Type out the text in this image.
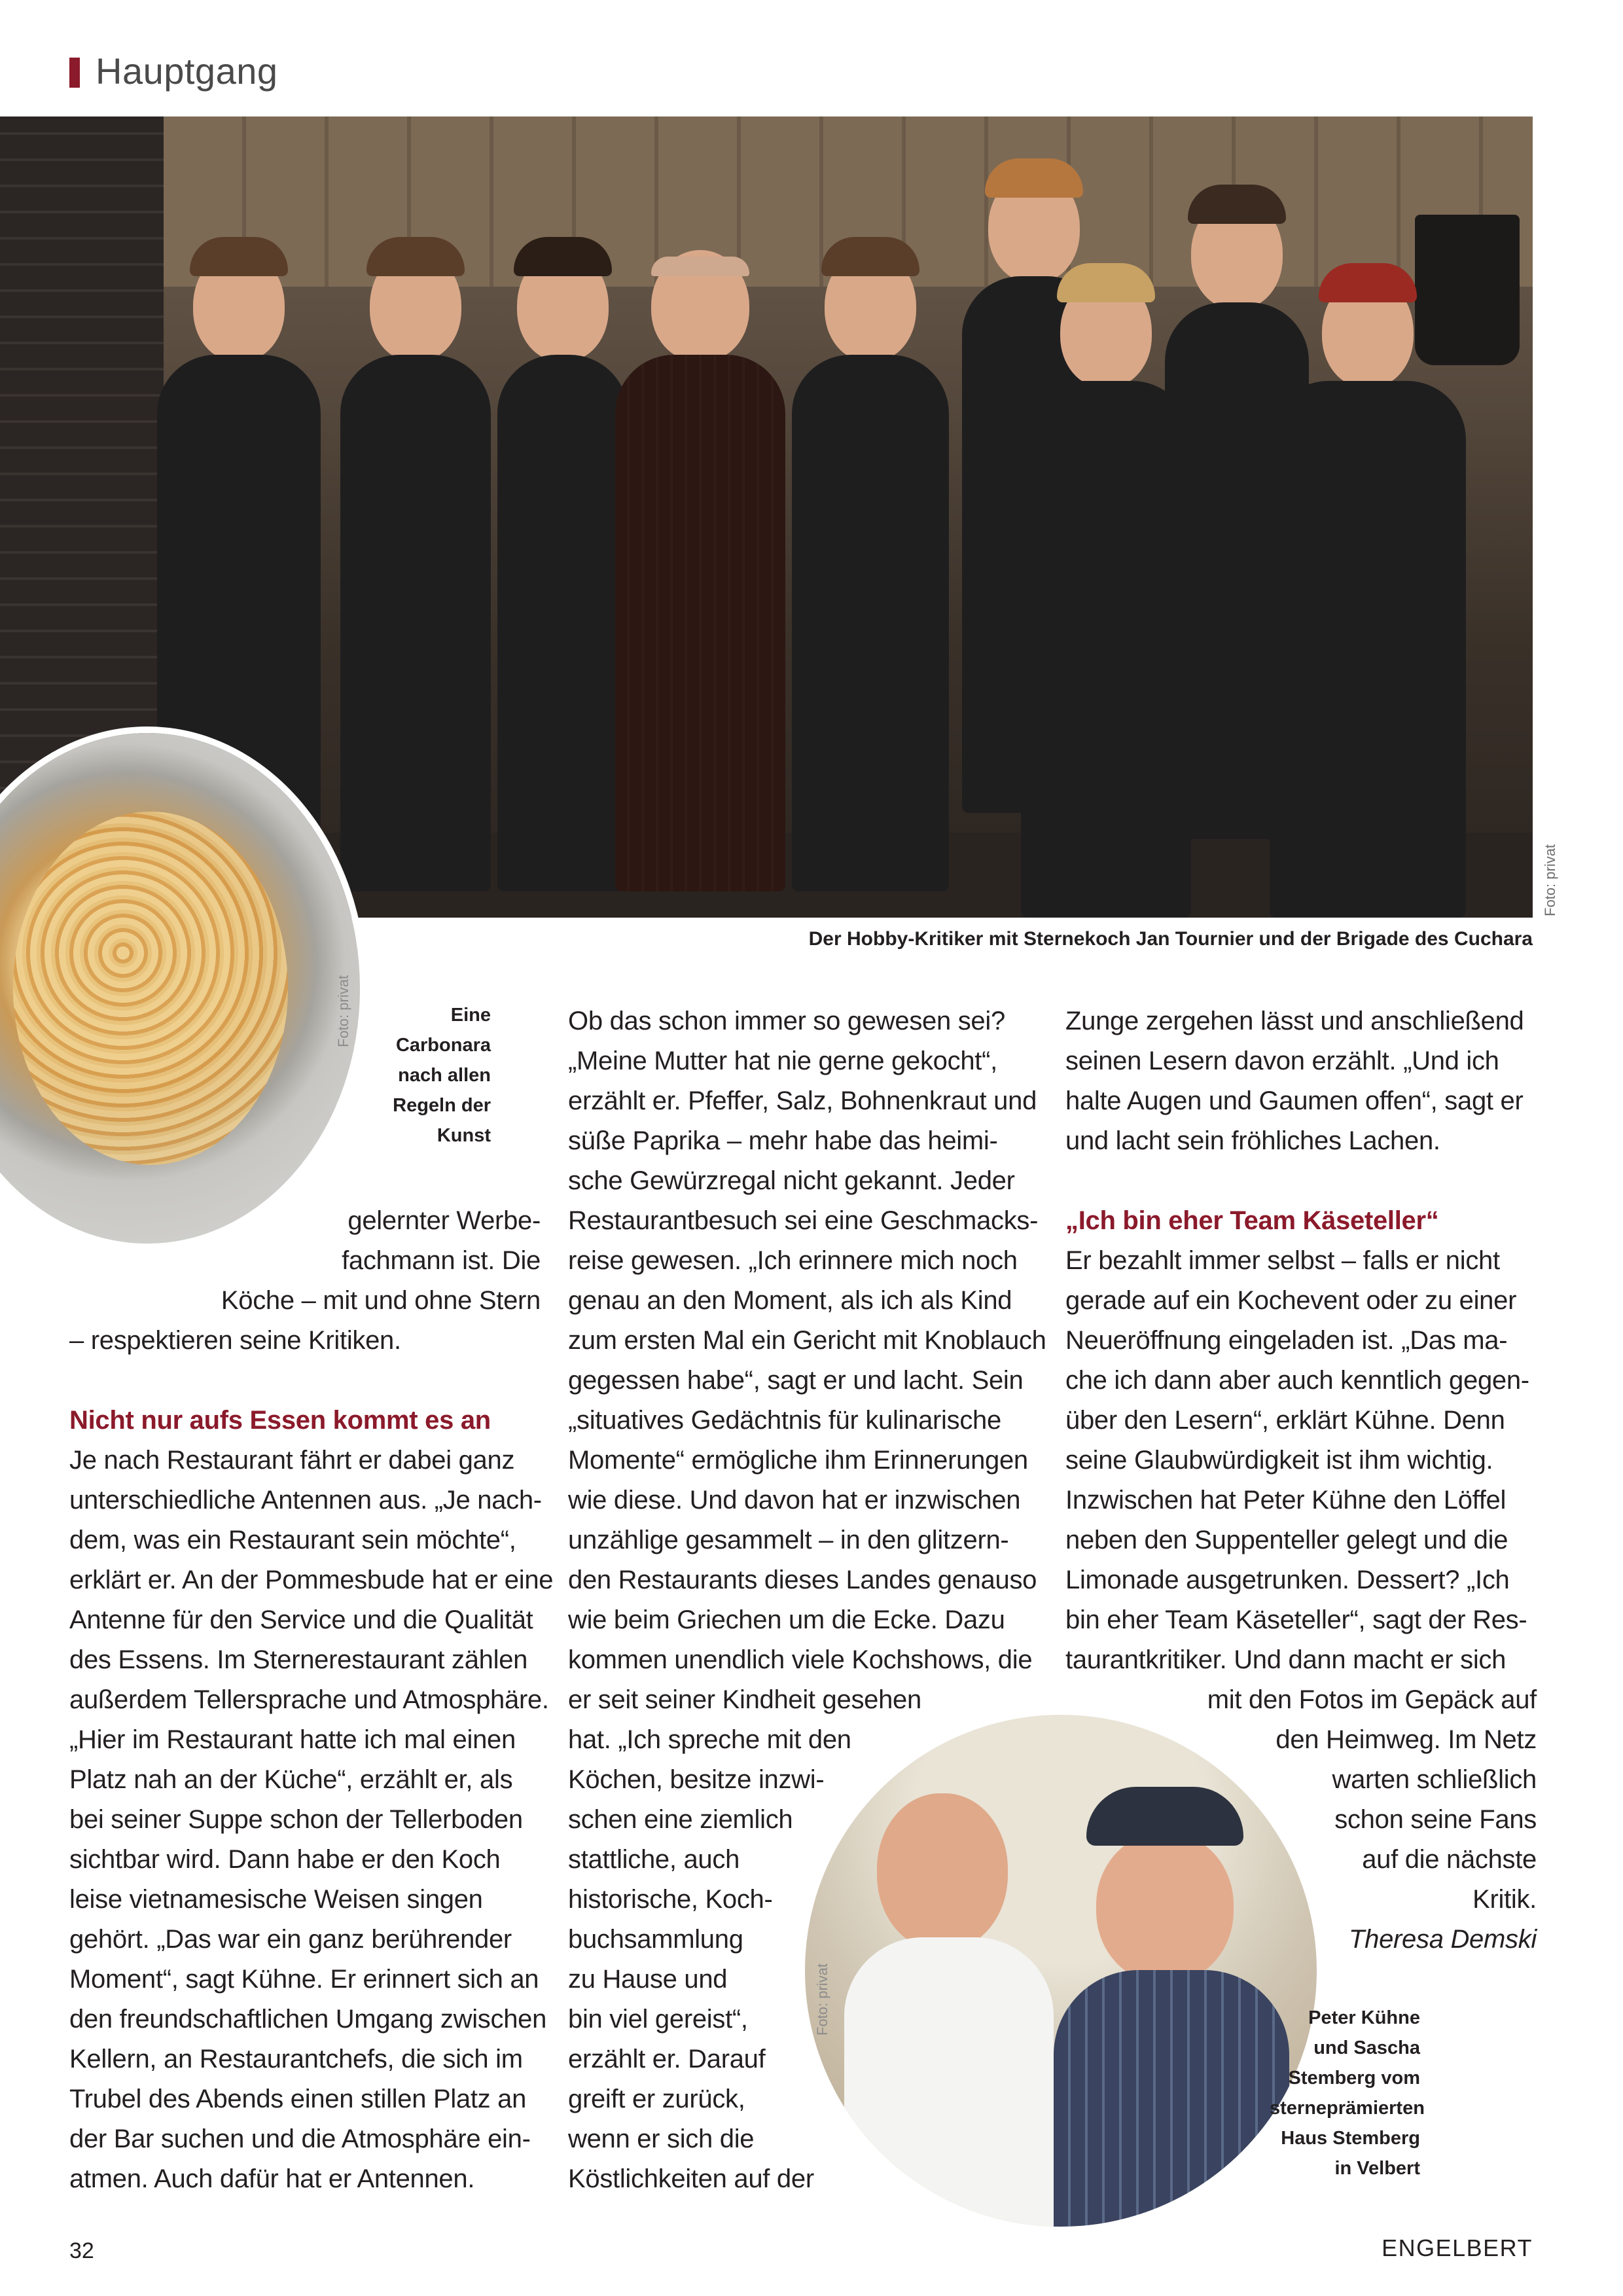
Hauptgang
Foto: privat
Foto: privat
Der Hobby-Kritiker mit Sternekoch Jan Tournier und der Brigade des Cuchara
Eine
Carbonara
nach allen
Regeln der
Kunst
gelernter Werbe-
fachmann ist. Die
Köche – mit und ohne Stern
– respektieren seine Kritiken.

Nicht nur aufs Essen kommt es an
Je nach Restaurant fährt er dabei ganz
unterschiedliche Antennen aus. „Je nach-
dem, was ein Restaurant sein möchte“,
erklärt er. An der Pommesbude hat er eine
Antenne für den Service und die Qualität
des Essens. Im Sternerestaurant zählen
außerdem Tellersprache und Atmosphäre.
„Hier im Restaurant hatte ich mal einen
Platz nah an der Küche“, erzählt er, als
bei seiner Suppe schon der Tellerboden
sichtbar wird. Dann habe er den Koch
leise vietnamesische Weisen singen
gehört. „Das war ein ganz berührender
Moment“, sagt Kühne. Er erinnert sich an
den freundschaftlichen Umgang zwischen
Kellern, an Restaurantchefs, die sich im
Trubel des Abends einen stillen Platz an
der Bar suchen und die Atmosphäre ein-
atmen. Auch dafür hat er Antennen.
Ob das schon immer so gewesen sei?
„Meine Mutter hat nie gerne gekocht“,
erzählt er. Pfeffer, Salz, Bohnenkraut und
süße Paprika – mehr habe das heimi-
sche Gewürzregal nicht gekannt. Jeder
Restaurantbesuch sei eine Geschmacks-
reise gewesen. „Ich erinnere mich noch
genau an den Moment, als ich als Kind
zum ersten Mal ein Gericht mit Knoblauch
gegessen habe“, sagt er und lacht. Sein
„situatives Gedächtnis für kulinarische
Momente“ ermögliche ihm Erinnerungen
wie diese. Und davon hat er inzwischen
unzählige gesammelt – in den glitzern-
den Restaurants dieses Landes genauso
wie beim Griechen um die Ecke. Dazu
kommen unendlich viele Kochshows, die
er seit seiner Kindheit gesehen
hat. „Ich spreche mit den
Köchen, besitze inzwi-
schen eine ziemlich
stattliche, auch
historische, Koch-
buchsammlung
zu Hause und
bin viel gereist“,
erzählt er. Darauf
greift er zurück,
wenn er sich die
Köstlichkeiten auf der
Zunge zergehen lässt und anschließend
seinen Lesern davon erzählt. „Und ich
halte Augen und Gaumen offen“, sagt er
und lacht sein fröhliches Lachen.

„Ich bin eher Team Käseteller“
Er bezahlt immer selbst – falls er nicht
gerade auf ein Kochevent oder zu einer
Neueröffnung eingeladen ist. „Das ma-
che ich dann aber auch kenntlich gegen-
über den Lesern“, erklärt Kühne. Denn
seine Glaubwürdigkeit ist ihm wichtig.
Inzwischen hat Peter Kühne den Löffel
neben den Suppenteller gelegt und die
Limonade ausgetrunken. Dessert? „Ich
bin eher Team Käseteller“, sagt der Res-
taurantkritiker. Und dann macht er sich
mit den Fotos im Gepäck auf
den Heimweg. Im Netz
warten schließlich
schon seine Fans
auf die nächste
Kritik.
Theresa Demski
Foto: privat	Peter Kühne
und Sascha
Stemberg vom
sterneprämierten
Haus Stemberg
in Velbert
32	ENGELBERT
